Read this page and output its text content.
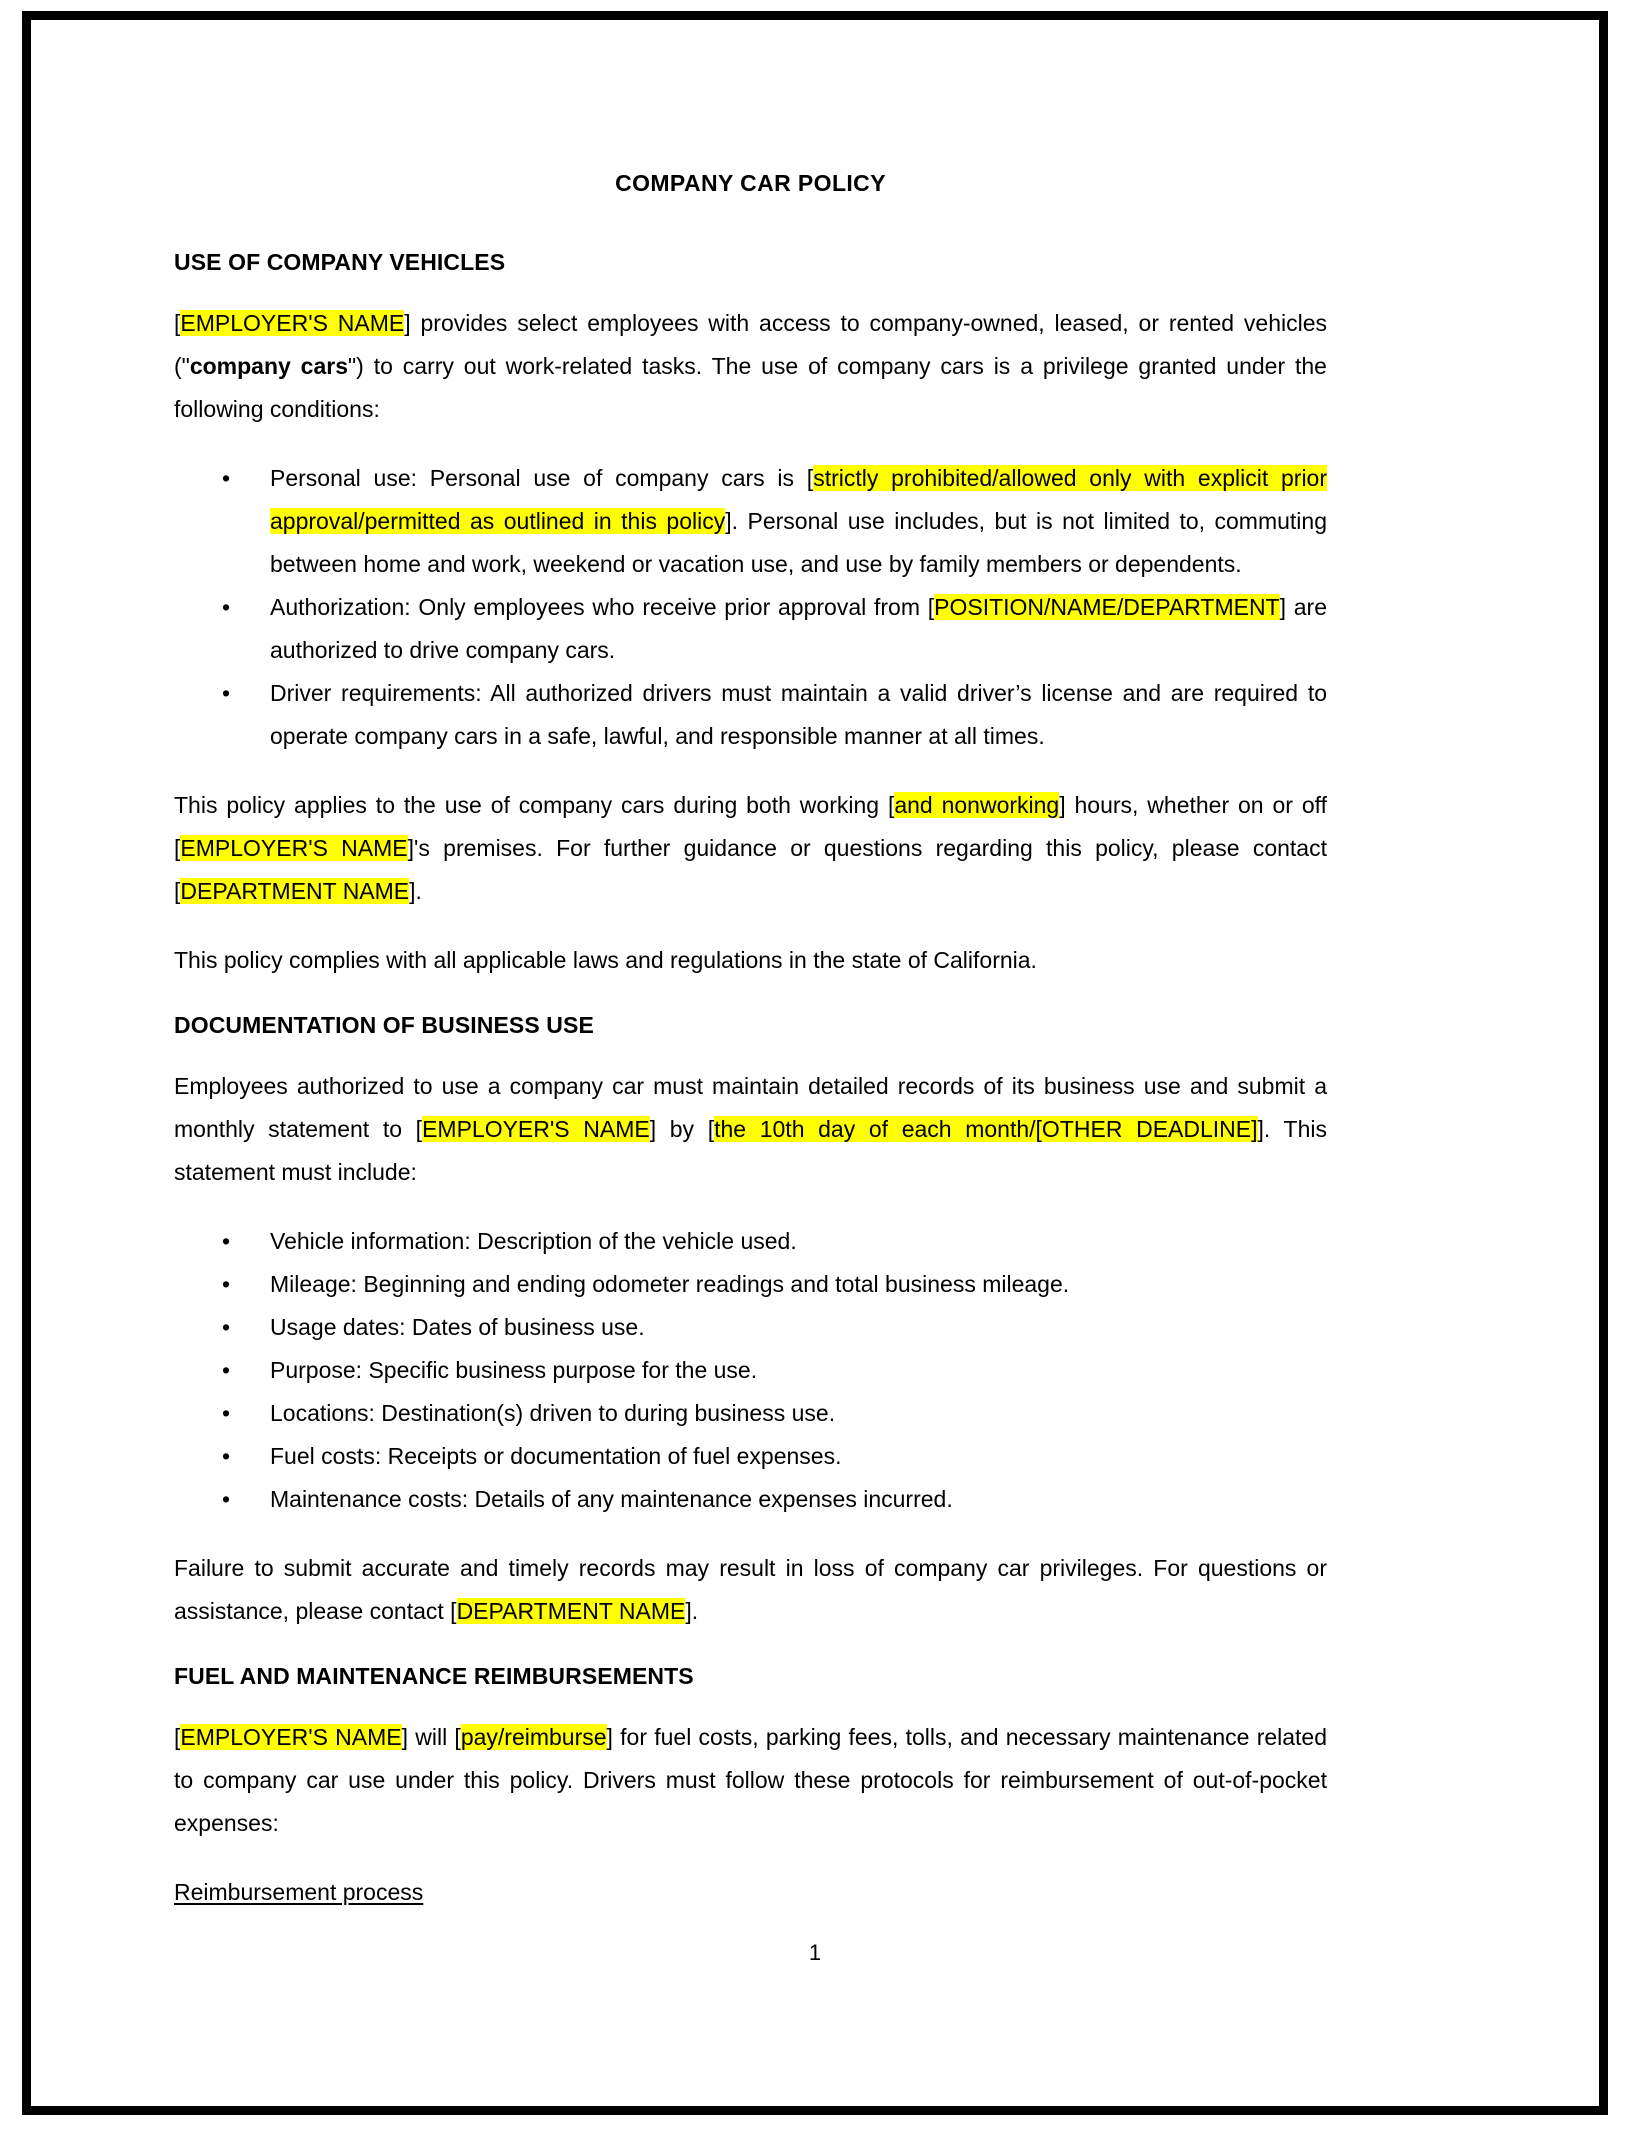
COMPANY CAR POLICY
USE OF COMPANY VEHICLES

[EMPLOYER'S NAME] provides select employees with access to company-owned, leased, or rented vehicles ("company cars") to carry out work-related tasks. The use of company cars is a privilege granted under the following conditions:

• Personal use: Personal use of company cars is [strictly prohibited/allowed only with explicit prior approval/permitted as outlined in this policy]. Personal use includes, but is not limited to, commuting between home and work, weekend or vacation use, and use by family members or dependents.
• Authorization: Only employees who receive prior approval from [POSITION/NAME/DEPARTMENT] are authorized to drive company cars.
• Driver requirements: All authorized drivers must maintain a valid driver’s license and are required to operate company cars in a safe, lawful, and responsible manner at all times.

This policy applies to the use of company cars during both working [and nonworking] hours, whether on or off [EMPLOYER'S NAME]'s premises. For further guidance or questions regarding this policy, please contact [DEPARTMENT NAME].

This policy complies with all applicable laws and regulations in the state of California.

DOCUMENTATION OF BUSINESS USE

Employees authorized to use a company car must maintain detailed records of its business use and submit a monthly statement to [EMPLOYER'S NAME] by [the 10th day of each month/[OTHER DEADLINE]]. This statement must include:

• Vehicle information: Description of the vehicle used.
• Mileage: Beginning and ending odometer readings and total business mileage.
• Usage dates: Dates of business use.
• Purpose: Specific business purpose for the use.
• Locations: Destination(s) driven to during business use.
• Fuel costs: Receipts or documentation of fuel expenses.
• Maintenance costs: Details of any maintenance expenses incurred.

Failure to submit accurate and timely records may result in loss of company car privileges. For questions or assistance, please contact [DEPARTMENT NAME].

FUEL AND MAINTENANCE REIMBURSEMENTS

[EMPLOYER'S NAME] will [pay/reimburse] for fuel costs, parking fees, tolls, and necessary maintenance related to company car use under this policy. Drivers must follow these protocols for reimbursement of out-of-pocket expenses:

Reimbursement process

1
